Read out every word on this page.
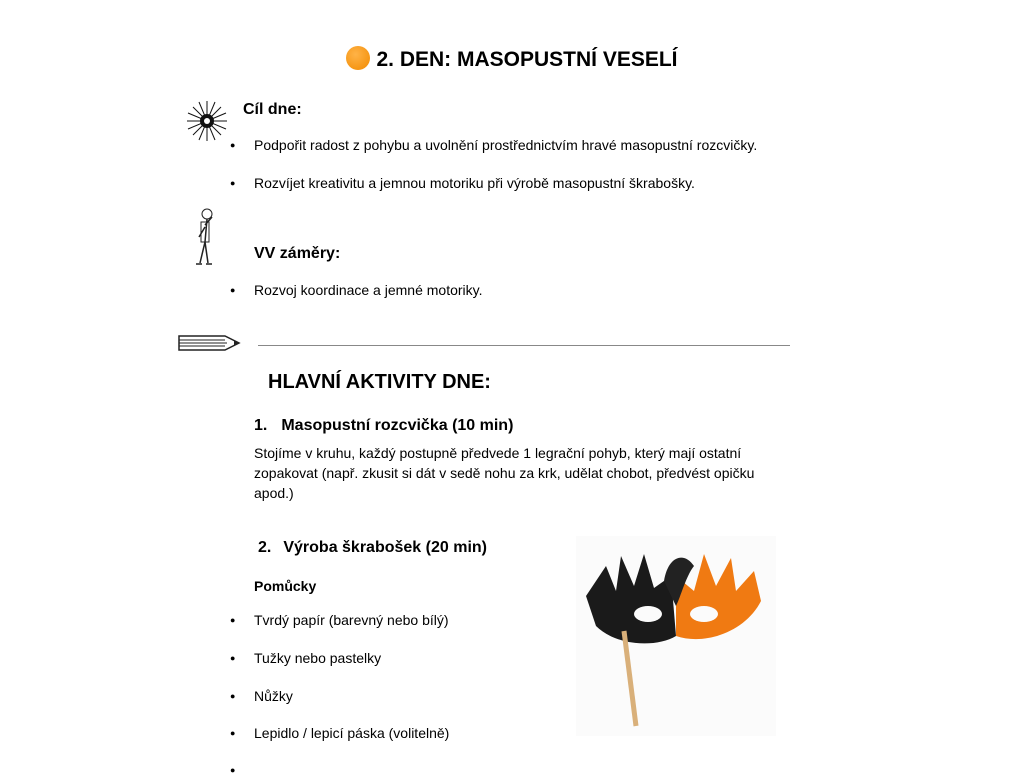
2. DEN: MASOPUSTNÍ VESELÍ
Cíl dne:
● Podpořit radost z pohybu a uvolnění prostřednictvím hravé masopustní rozcvičky.
● Rozvíjet kreativitu a jemnou motoriku při výrobě masopustní škrabošky.
VV záměry:
● Rozvoj koordinace a jemné motoriky.
HLAVNÍ AKTIVITY DNE:
1. Masopustní rozcvička (10 min)
Stojíme v kruhu, každý postupně předvede 1 legrační pohyb, který mají ostatní zopakovat (např. zkusit si dát v sedě nohu za krk, udělat chobot, předvést opičku apod.)
2. Výroba škrabošek (20 min)
Pomůcky
● Tvrdý papír (barevný nebo bílý)
● Tužky nebo pastelky
● Nůžky
● Lepidlo / lepicí páska (volitelně)
